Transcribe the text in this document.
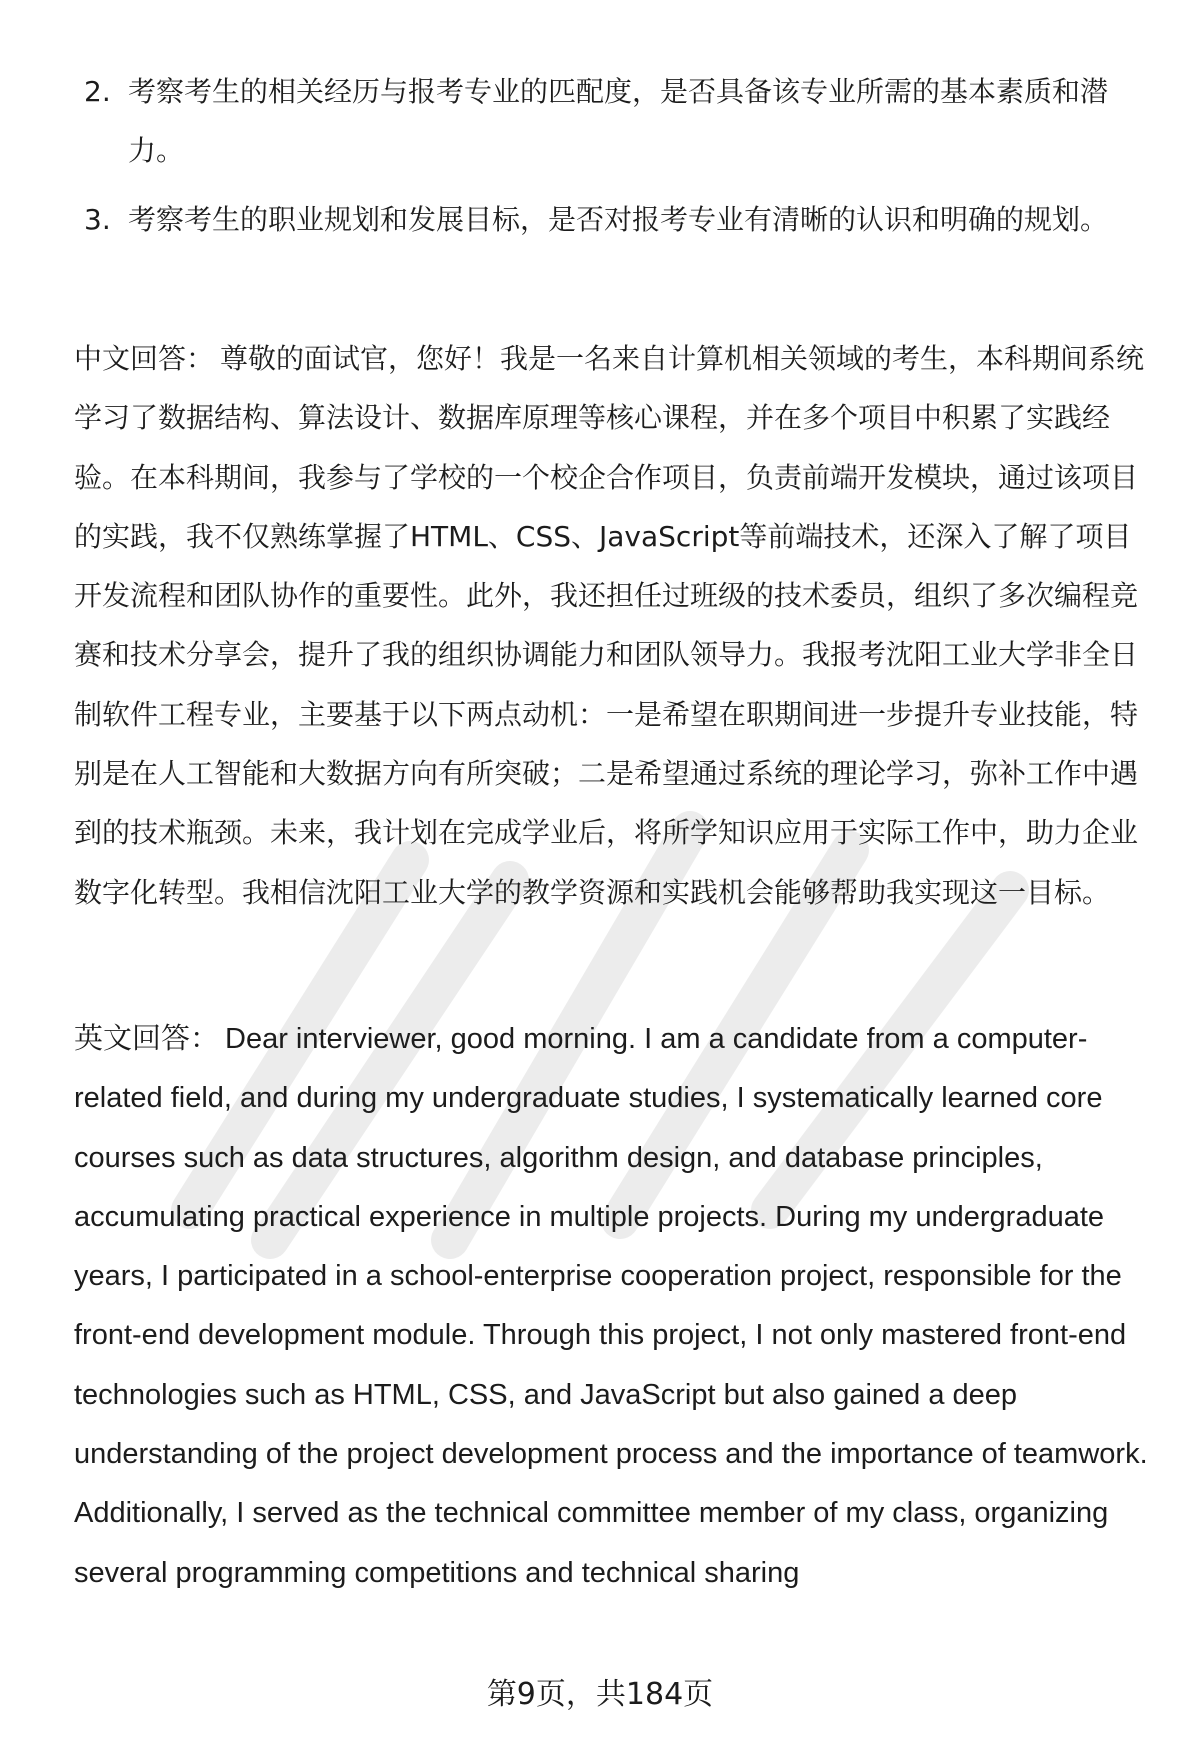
2. 考察考生的相关经历与报考专业的匹配度，是否具备该专业所需的基本素质和潜力。
3. 考察考生的职业规划和发展目标，是否对报考专业有清晰的认识和明确的规划。

中文回答： 尊敬的面试官，您好！我是一名来自计算机相关领域的考生，本科期间系统学习了数据结构、算法设计、数据库原理等核心课程，并在多个项目中积累了实践经验。在本科期间，我参与了学校的一个校企合作项目，负责前端开发模块，通过该项目的实践，我不仅熟练掌握了HTML、CSS、JavaScript等前端技术，还深入了解了项目开发流程和团队协作的重要性。此外，我还担任过班级的技术委员，组织了多次编程竞赛和技术分享会，提升了我的组织协调能力和团队领导力。我报考沈阳工业大学非全日制软件工程专业，主要基于以下两点动机：一是希望在职期间进一步提升专业技能，特别是在人工智能和大数据方向有所突破；二是希望通过系统的理论学习，弥补工作中遇到的技术瓶颈。未来，我计划在完成学业后，将所学知识应用于实际工作中，助力企业数字化转型。我相信沈阳工业大学的教学资源和实践机会能够帮助我实现这一目标。

英文回答： Dear interviewer, good morning. I am a candidate from a computer-related field, and during my undergraduate studies, I systematically learned core courses such as data structures, algorithm design, and database principles, accumulating practical experience in multiple projects. During my undergraduate years, I participated in a school-enterprise cooperation project, responsible for the front-end development module. Through this project, I not only mastered front-end technologies such as HTML, CSS, and JavaScript but also gained a deep understanding of the project development process and the importance of teamwork. Additionally, I served as the technical committee member of my class, organizing several programming competitions and technical sharing

第9页，共184页
